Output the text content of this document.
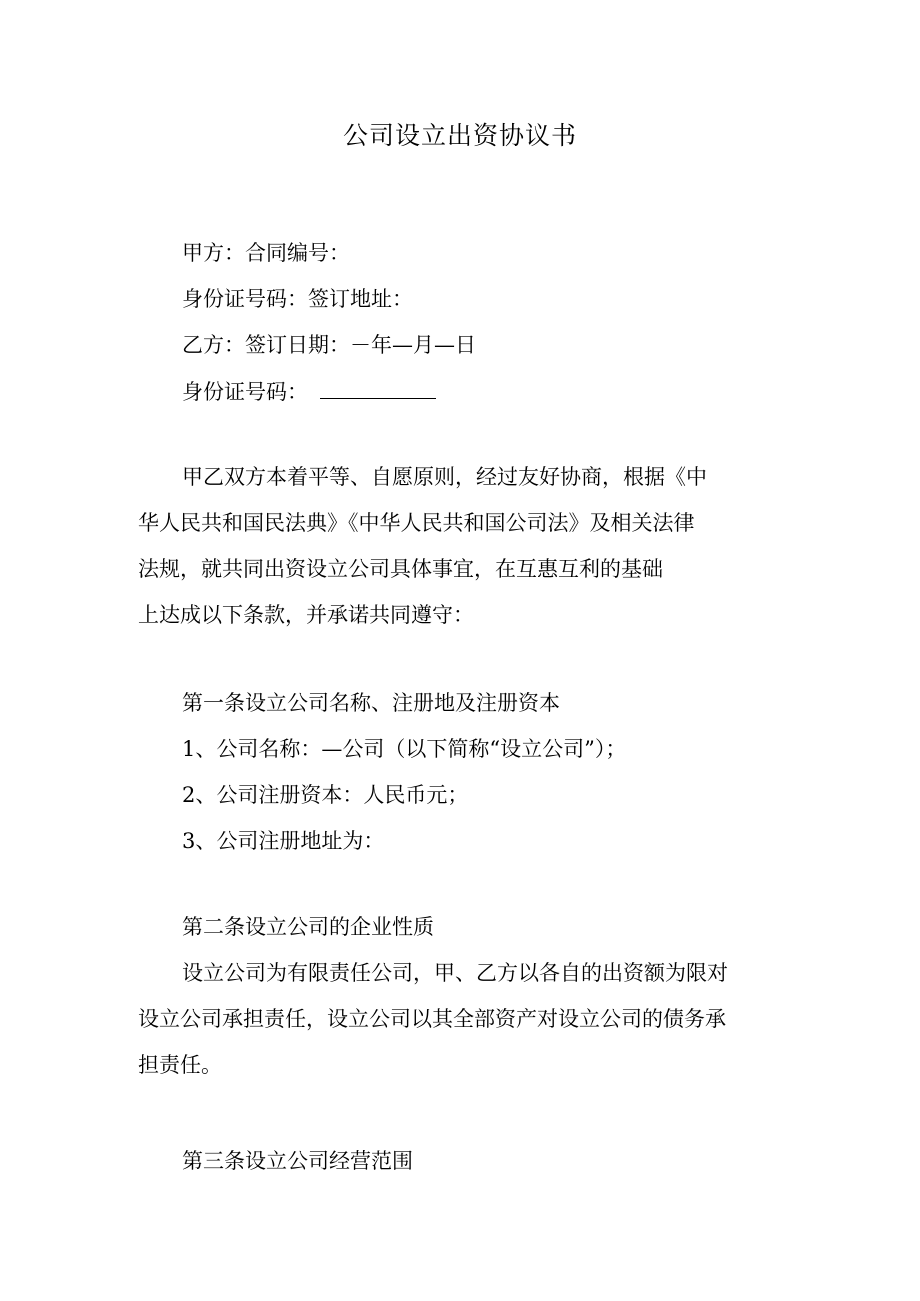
公司设立出资协议书
甲方：合同编号：
身份证号码：签订地址：
乙方：签订日期：－年—月—日
身份证号码：
甲乙双方本着平等、自愿原则，经过友好协商，根据《中
华人民共和国民法典》《中华人民共和国公司法》及相关法律
法规，就共同出资设立公司具体事宜，在互惠互利的基础
上达成以下条款，并承诺共同遵守：
第一条设立公司名称、注册地及注册资本
1、公司名称：—公司（以下简称“设立公司”）；
2、公司注册资本：人民币元；
3、公司注册地址为：
第二条设立公司的企业性质
设立公司为有限责任公司，甲、乙方以各自的出资额为限对
设立公司承担责任，设立公司以其全部资产对设立公司的债务承
担责任。
第三条设立公司经营范围
